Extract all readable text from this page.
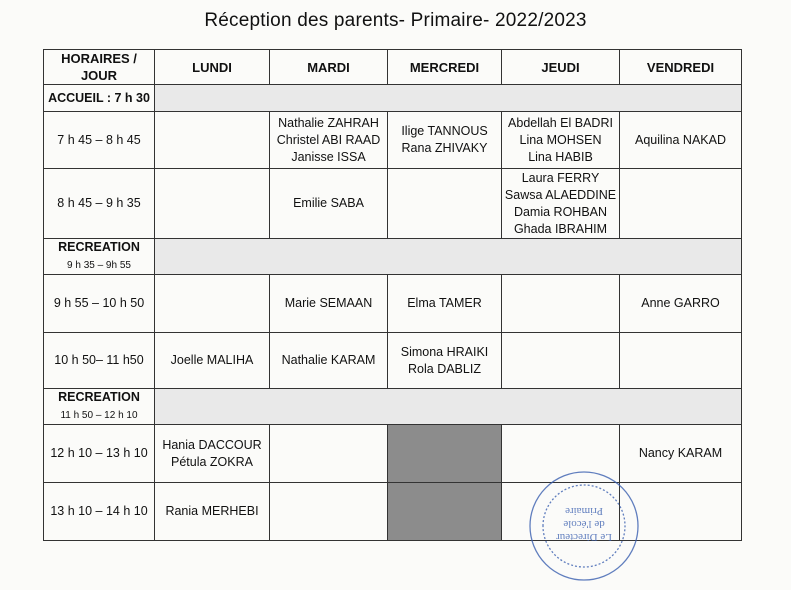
Réception des parents- Primaire- 2022/2023
HORAIRES / JOUR	LUNDI	MARDI	MERCREDI	JEUDI	VENDREDI

ACCUEIL : 7 h 30					

7 h 45 – 8 h 45		Nathalie ZAHRAH
Christel ABI RAAD
Janisse ISSA	Ilige TANNOUS
Rana ZHIVAKY	Abdellah El BADRI
Lina MOHSEN
Lina HABIB	Aquilina NAKAD

8 h 45 – 9 h 35		Emilie SABA		Laura FERRY
Sawsa ALAEDDINE
Damia ROHBAN
Ghada IBRAHIM	

RECREATION
9 h 35 – 9h 55					
9 h 55 – 10 h 50		Marie SEMAAN	Elma TAMER		Anne GARRO

10 h 50– 11 h50	Joelle MALIHA	Nathalie KARAM	Simona HRAIKI
Rola DABLIZ		

RECREATION
11 h 50 – 12 h 10					
12 h 10 – 13 h 10	Hania DACCOUR
Pétula ZOKRA				Nancy KARAM

13 h 10 – 14 h 10	Rania MERHEBI				

Le Directeur
de l'école
Primaire
